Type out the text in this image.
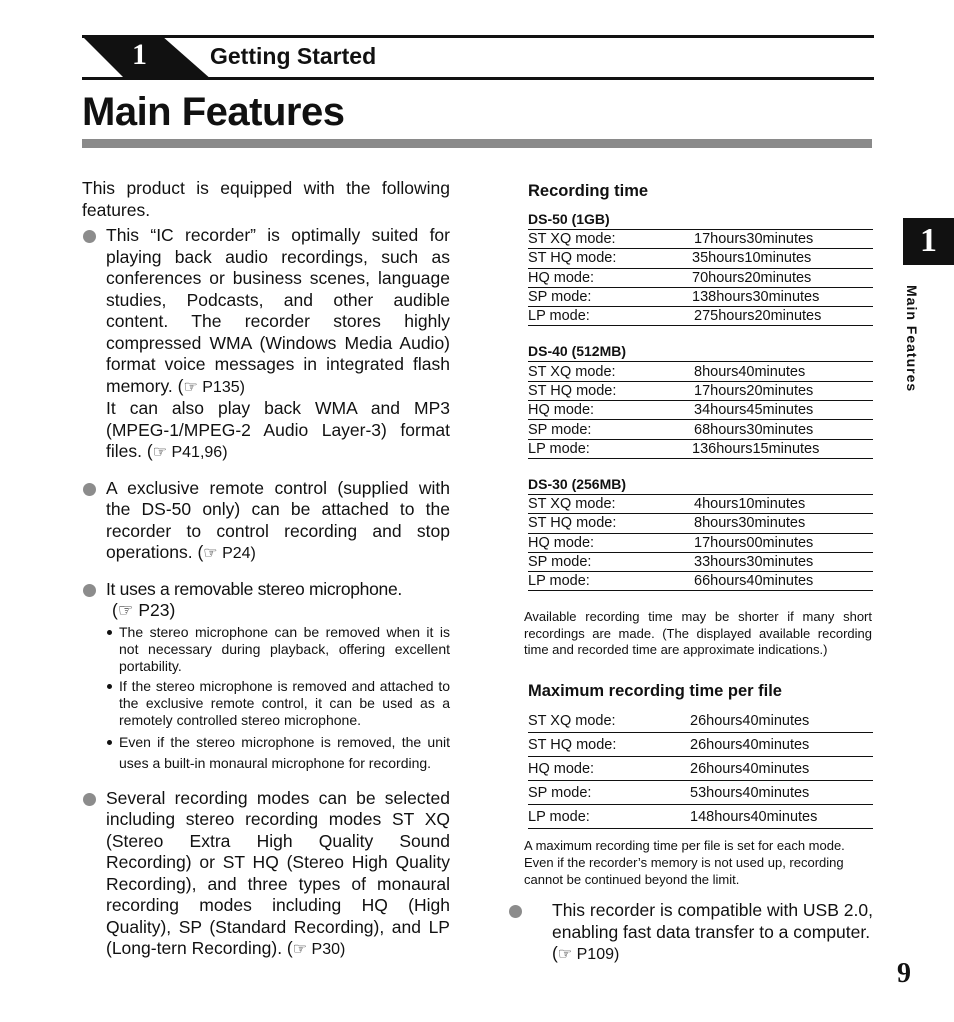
1	Getting Started
Main Features
1
Main Features
9

This product is equipped with the following features.

This “IC recorder” is optimally suited for playing back audio recordings, such as conferences or business scenes, language studies, Podcasts, and other audible content. The recorder stores highly compressed WMA (Windows Media Audio) format voice messages in integrated flash memory. (☞ P135)

It can also play back WMA and MP3 (MPEG-1/MPEG-2 Audio Layer-3) format files. (☞ P41,96)

A exclusive remote control (supplied with the DS-50 only) can be attached to the recorder to control recording and stop operations. (☞ P24)

It uses a removable stereo microphone.

(☞ P23)

The stereo microphone can be removed when it is not necessary during playback, offering excellent portability.
If the stereo microphone is removed and attached to the exclusive remote control, it can be used as a remotely controlled stereo microphone.
Even if the stereo microphone is removed, the unit uses a built-in monaural microphone for recording.

Several recording modes can be selected including stereo recording modes ST XQ (Stereo Extra High Quality Sound Recording) or ST HQ (Stereo High Quality Recording), and three types of monaural recording modes including HQ (High Quality), SP (Standard Recording), and LP (Long-tern Recording). (☞ P30)

Recording time
DS-50 (1GB)
ST XQ mode:	17hours30minutes
ST HQ mode:	35hours10minutes
HQ mode:	70hours20minutes
SP mode:	138hours30minutes
LP mode:	275hours20minutes
DS-40 (512MB)
ST XQ mode:	8hours40minutes
ST HQ mode:	17hours20minutes
HQ mode:	34hours45minutes
SP mode:	68hours30minutes
LP mode:	136hours15minutes
DS-30 (256MB)
ST XQ mode:	4hours10minutes
ST HQ mode:	8hours30minutes
HQ mode:	17hours00minutes
SP mode:	33hours30minutes
LP mode:	66hours40minutes

Available recording time may be shorter if many short recordings are made. (The displayed available recording time and recorded time are approximate indications.)

Maximum recording time per file
ST XQ mode:	26hours40minutes
ST HQ mode:	26hours40minutes
HQ mode:	26hours40minutes
SP mode:	53hours40minutes
LP mode:	148hours40minutes

A maximum recording time per file is set for each mode. Even if the recorder’s memory is not used up, recording cannot be continued beyond the limit.

This recorder is compatible with USB 2.0, enabling fast data transfer to a computer. (☞ P109)
